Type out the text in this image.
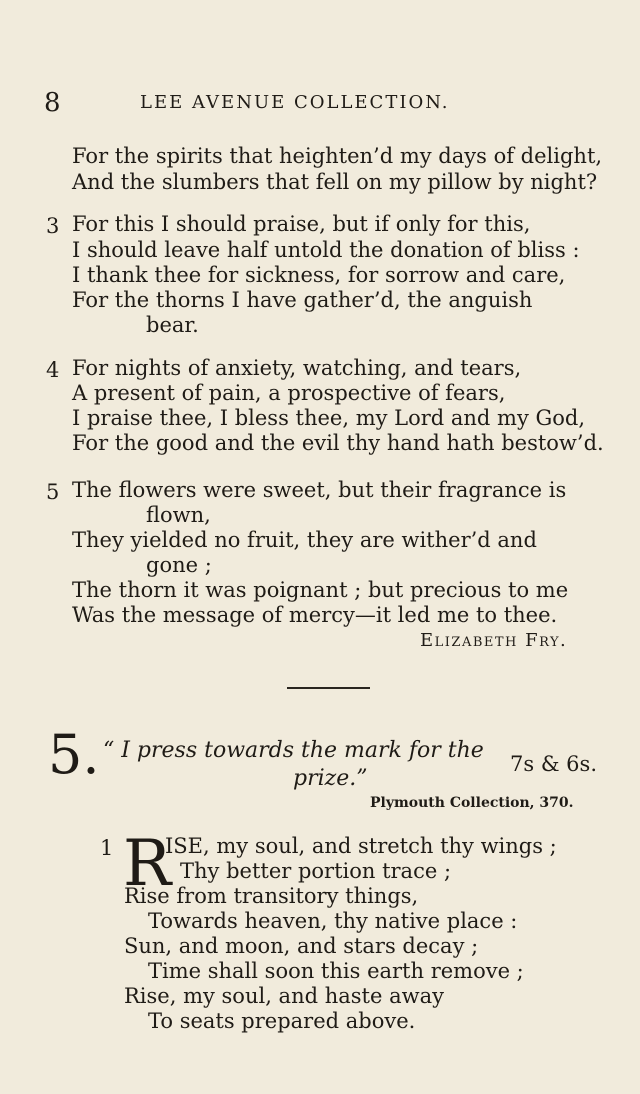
8	LEE AVENUE COLLECTION.
For the spirits that heighten’d my days of delight,
And the slumbers that fell on my pillow by night?
3 For this I should praise, but if only for this,
I should leave half untold the donation of bliss :
I thank thee for sickness, for sorrow and care,
For the thorns I have gather’d, the anguish
bear.
4 For nights of anxiety, watching, and tears,
A present of pain, a prospective of fears,
I praise thee, I bless thee, my Lord and my God,
For the good and the evil thy hand hath bestow’d.
5 The flowers were sweet, but their fragrance is
flown,
They yielded no fruit, they are wither’d and
gone ;
The thorn it was poignant ; but precious to me
Was the message of mercy—it led me to thee.
Elizabeth Fry.
5. “ I press towards the mark for the
prize.”
7s & 6s.
Plymouth Collection, 370.
1 R
ISE, my soul, and stretch thy wings ;
Thy better portion trace ;
Rise from transitory things,
Towards heaven, thy native place :
Sun, and moon, and stars decay ;
Time shall soon this earth remove ;
Rise, my soul, and haste away
To seats prepared above.
